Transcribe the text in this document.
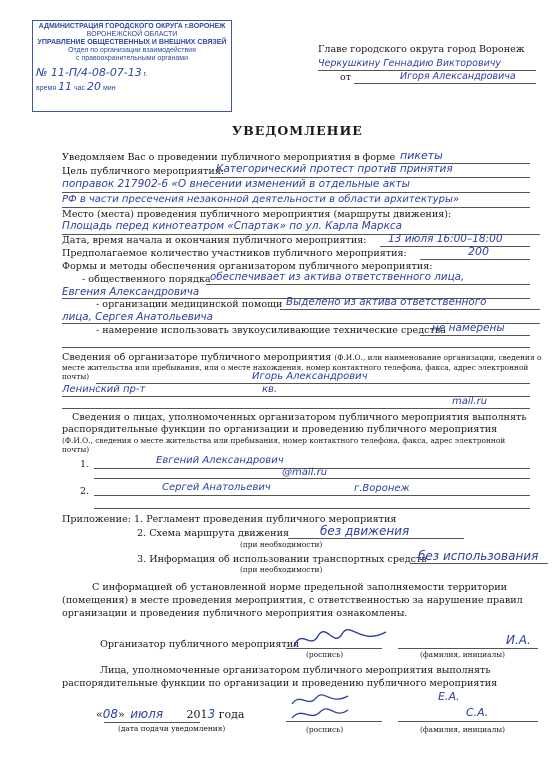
АДМИНИСТРАЦИЯ ГОРОДСКОГО ОКРУГА г.ВОРОНЕЖ
ВОРОНЕЖСКОЙ ОБЛАСТИ
УПРАВЛЕНИЕ ОБЩЕСТВЕННЫХ И ВНЕШНИХ СВЯЗЕЙ
Отдел по организации взаимодействия
с правоохранительными органами
№ 11-П/4-08-07-13 г.
время 11 час 20 мин
Главе городского округа город Воронеж
Черкушкину Геннадию Викторовичу
от	Игоря Александровича
УВЕДОМЛЕНИЕ
Уведомляем Вас о проведении публичного мероприятия в форме пикеты
Цель публичного мероприятия:
Категорический протест против принятия
поправок 217902-6 «О внесении изменений в отдельные акты
РФ в части пресечения незаконной деятельности в области архитектуры»
Место (места) проведения публичного мероприятия (маршруты движения):
Площадь перед кинотеатром «Спартак» по ул. Карла Маркса
Дата, время начала и окончания публичного мероприятия: 13 июля 16:00–18:00
Предполагаемое количество участников публичного мероприятия:	200
Формы и методы обеспечения организатором публичного мероприятия:
- общественного порядка обеспечивает из актива ответственного лица,
Евгения Александровича
- организации медицинской помощи Выделено из актива ответственного
лица, Сергея Анатольевича
- намерение использовать звукоусиливающие технические средства
не намерены
Сведения об организаторе публичного мероприятия (Ф.И.О., или наименование организации, сведения о
месте жительства или пребывания, или о месте нахождения, номер контактного телефона, факса, адрес электронной
почты)	Игорь Александрович
Ленинский пр-т	кв.
mail.ru
Сведения о лицах, уполномоченных организатором публичного мероприятия выполнять
распорядительные функции по организации и проведению публичного мероприятия
(Ф.И.О., сведения о месте жительства или пребывания, номер контактного телефона, факса, адрес электронной
почты)
1.	Евгений Александрович
@mail.ru
2.	Сергей Анатольевич	г.Воронеж
Приложение: 1. Регламент проведения публичного мероприятия
2. Схема маршрута движения	без движения
(при необходимости)
3. Информация об использовании транспортных средств
без использования
(при необходимости)
С информацией об установленной норме предельной заполняемости территории
(помещения) в месте проведения мероприятия, с ответственностью за нарушение правил
организации и проведения публичного мероприятия ознакомлены.
Организатор публичного мероприятия
(роспись)
И.А.
(фамилия, инициалы)
Лица, уполномоченные организатором публичного мероприятия выполнять
распорядительные функции по организации и проведению публичного мероприятия
Е.А.
С.А.
(роспись)	(фамилия, инициалы)
«08» июля 2013 года
(дата подачи уведомления)
